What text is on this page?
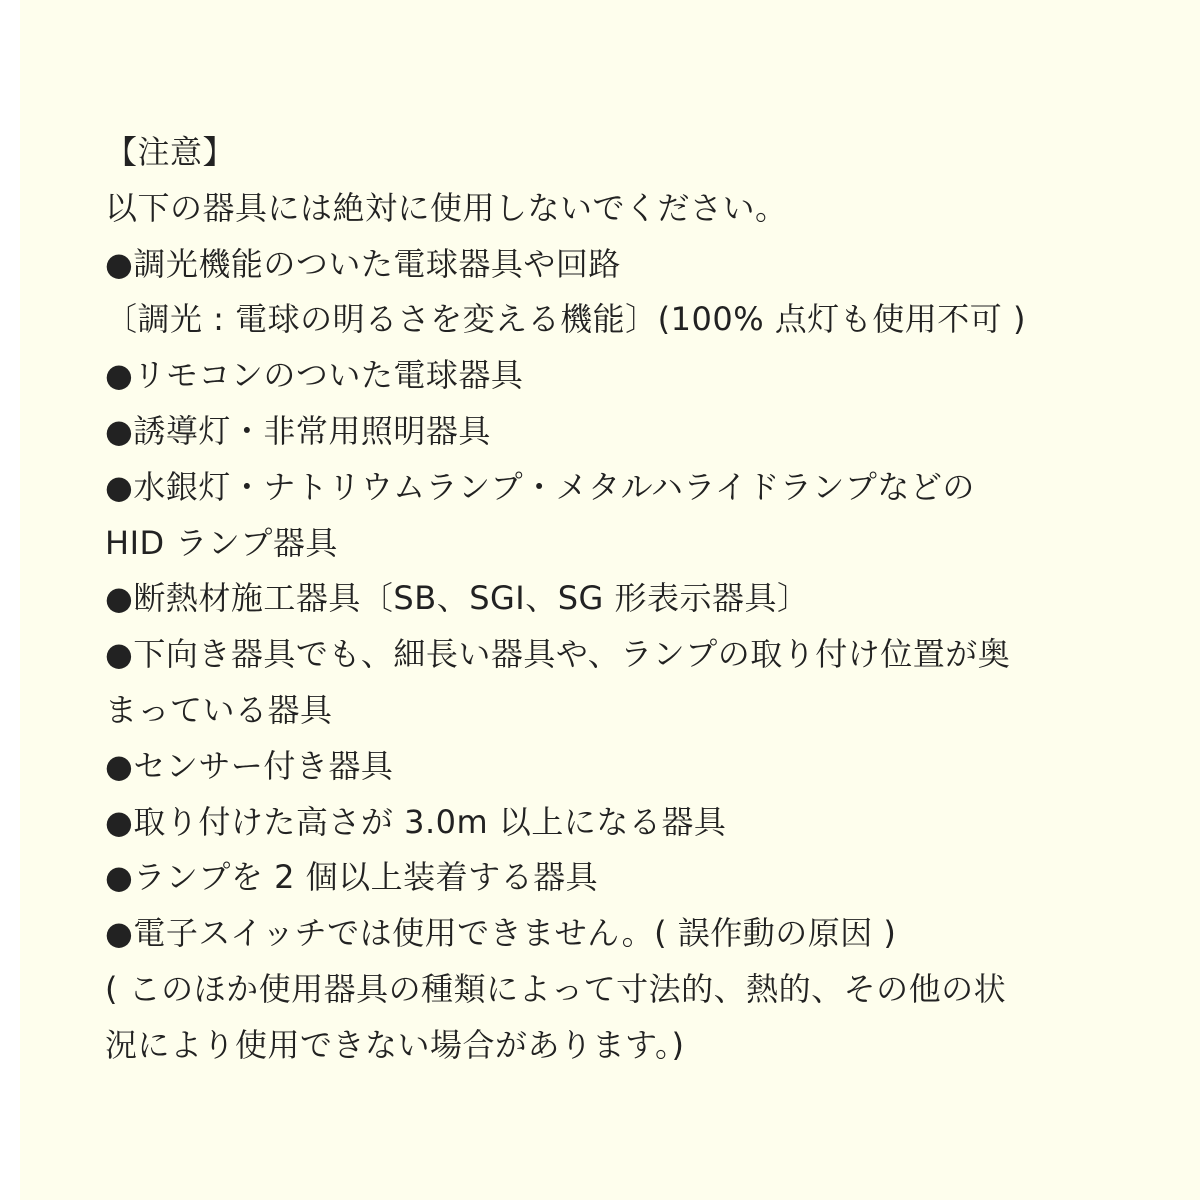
【注意】
以下の器具には絶対に使用しないでください。
●調光機能のついた電球器具や回路
〔調光 : 電球の明るさを変える機能〕(100% 点灯も使用不可 )
●リモコンのついた電球器具
●誘導灯・非常用照明器具
●水銀灯・ナトリウムランプ・メタルハライドランプなどの
HID ランプ器具
●断熱材施工器具〔SB、SGI、SG 形表示器具〕
●下向き器具でも、細長い器具や、ランプの取り付け位置が奥
まっている器具
●センサー付き器具
●取り付けた高さが 3.0m 以上になる器具
●ランプを 2 個以上装着する器具
●電子スイッチでは使用できません。( 誤作動の原因 )
( このほか使用器具の種類によって寸法的、熱的、その他の状
況により使用できない場合があります。)
